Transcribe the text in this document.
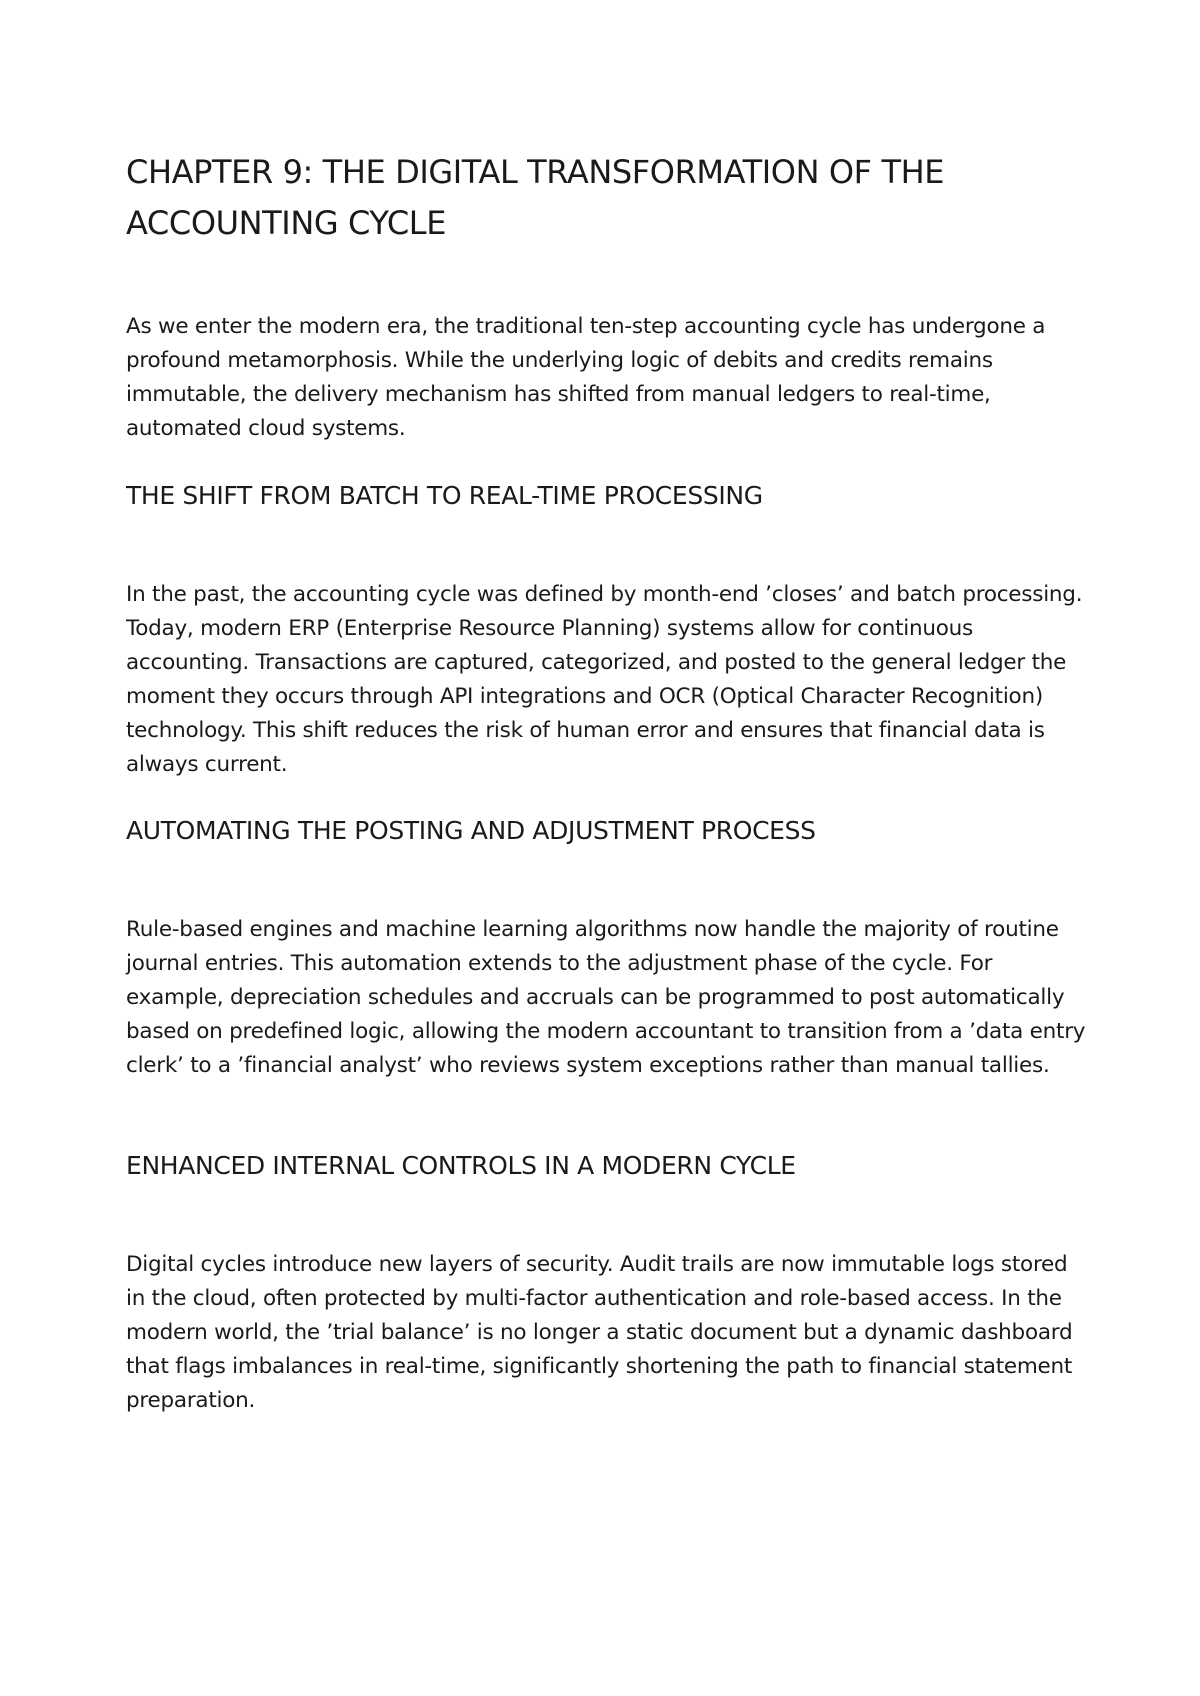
CHAPTER 9: THE DIGITAL TRANSFORMATION OF THE ACCOUNTING CYCLE

As we enter the modern era, the traditional ten-step accounting cycle has undergone a profound metamorphosis. While the underlying logic of debits and credits remains immutable, the delivery mechanism has shifted from manual ledgers to real-time, automated cloud systems.

THE SHIFT FROM BATCH TO REAL-TIME PROCESSING

In the past, the accounting cycle was defined by month-end ’closes’ and batch processing. Today, modern ERP (Enterprise Resource Planning) systems allow for continuous accounting. Transactions are captured, categorized, and posted to the general ledger the moment they occurs through API integrations and OCR (Optical Character Recognition) technology. This shift reduces the risk of human error and ensures that financial data is always current.

AUTOMATING THE POSTING AND ADJUSTMENT PROCESS

Rule-based engines and machine learning algorithms now handle the majority of routine journal entries. This automation extends to the adjustment phase of the cycle. For example, depreciation schedules and accruals can be programmed to post automatically based on predefined logic, allowing the modern accountant to transition from a ’data entry clerk’ to a ’financial analyst’ who reviews system exceptions rather than manual tallies.

ENHANCED INTERNAL CONTROLS IN A MODERN CYCLE

Digital cycles introduce new layers of security. Audit trails are now immutable logs stored in the cloud, often protected by multi-factor authentication and role-based access. In the modern world, the ’trial balance’ is no longer a static document but a dynamic dashboard that flags imbalances in real-time, significantly shortening the path to financial statement preparation.
